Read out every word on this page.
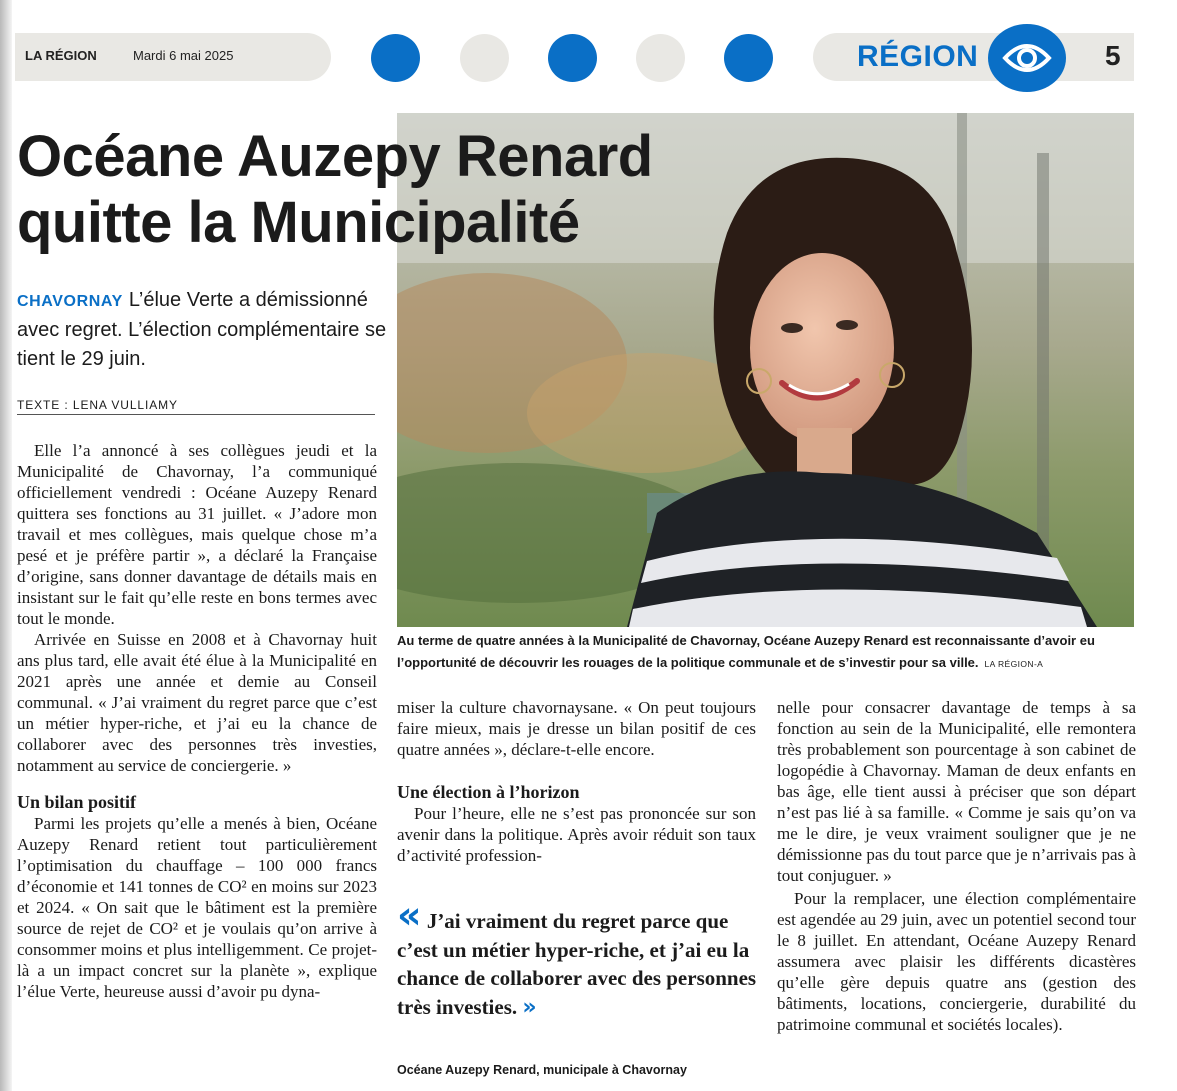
LA RÉGION	Mardi 6 mai 2025	RÉGION	5
Océane Auzepy Renard
quitte la Municipalité
CHAVORNAY L’élue Verte a démissionné avec regret. L’élection complémentaire se tient le 29 juin.
TEXTE : LENA VULLIAMY
Au terme de quatre années à la Municipalité de Chavornay, Océane Auzepy Renard est reconnaissante d’avoir eu l’opportunité de découvrir les rouages de la politique communale et de s’investir pour sa ville. LA RÉGION-A

Elle l’a annoncé à ses collègues jeudi et la Municipalité de Chavornay, l’a communiqué officiellement vendredi : Océane Auzepy Renard quittera ses fonctions au 31 juillet. « J’adore mon travail et mes collègues, mais quelque chose m’a pesé et je préfère partir », a déclaré la Française d’origine, sans donner davantage de détails mais en insistant sur le fait qu’elle reste en bons termes avec tout le monde.

Arrivée en Suisse en 2008 et à Chavornay huit ans plus tard, elle avait été élue à la Municipalité en 2021 après une année et demie au Conseil communal. « J’ai vraiment du regret parce que c’est un métier hyper-riche, et j’ai eu la chance de collaborer avec des personnes très investies, notamment au service de conciergerie. »

Un bilan positif

Parmi les projets qu’elle a menés à bien, Océane Auzepy Renard retient tout particulièrement l’optimisation du chauffage – 100 000 francs d’économie et 141 tonnes de CO² en moins sur 2023 et 2024. « On sait que le bâtiment est la première source de rejet de CO² et je voulais qu’on arrive à consommer moins et plus intelligemment. Ce projet-là a un impact concret sur la planète », explique l’élue Verte, heureuse aussi d’avoir pu dyna-

miser la culture chavornaysane. « On peut toujours faire mieux, mais je dresse un bilan positif de ces quatre années », déclare-t-elle encore.

Une élection à l’horizon

Pour l’heure, elle ne s’est pas prononcée sur son avenir dans la politique. Après avoir réduit son taux d’activité profession-

« J’ai vraiment du regret parce que c’est un métier hyper-riche, et j’ai eu la chance de collaborer avec des personnes très investies. »
Océane Auzepy Renard, municipale à Chavornay

nelle pour consacrer davantage de temps à sa fonction au sein de la Municipalité, elle remontera très probablement son pourcentage à son cabinet de logopédie à Chavornay. Maman de deux enfants en bas âge, elle tient aussi à préciser que son départ n’est pas lié à sa famille. « Comme je sais qu’on va me le dire, je veux vraiment souligner que je ne démissionne pas du tout parce que je n’arrivais pas à tout conjuguer. »

Pour la remplacer, une élection complémentaire est agendée au 29 juin, avec un potentiel second tour le 8 juillet. En attendant, Océane Auzepy Renard assumera avec plaisir les différents dicastères qu’elle gère depuis quatre ans (gestion des bâtiments, locations, conciergerie, durabilité du patrimoine communal et sociétés locales).
